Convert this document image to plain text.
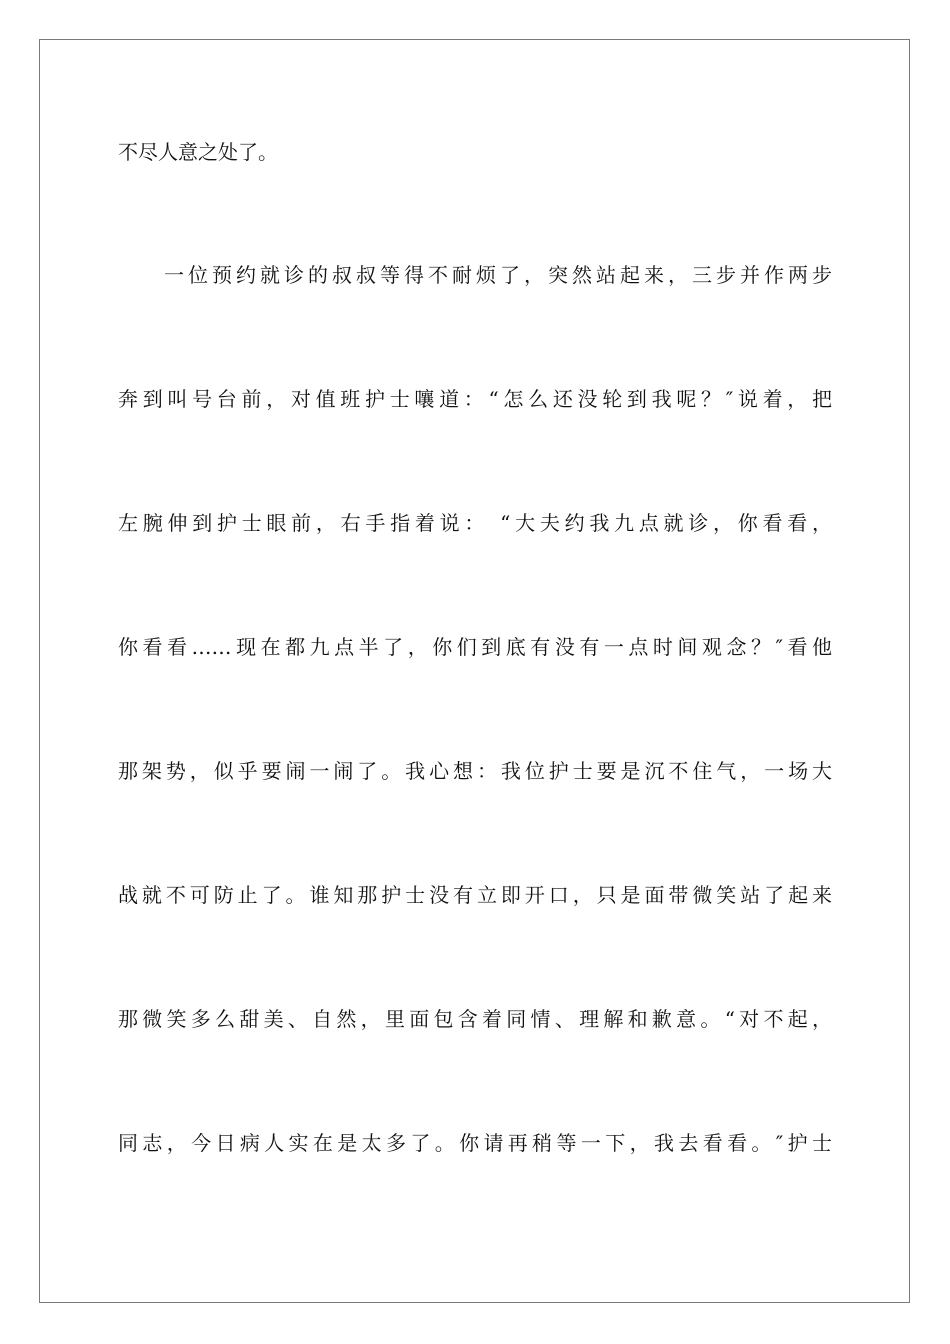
不尽人意之处了。
一位预约就诊的叔叔等得不耐烦了，突然站起来，三步并作两步
奔到叫号台前，对值班护士嚷道：“怎么还没轮到我呢？″说着，把
左腕伸到护士眼前，右手指着说： “大夫约我九点就诊，你看看，
你看看……现在都九点半了，你们到底有没有一点时间观念？″看他
那架势，似乎要闹一闹了。我心想：我位护士要是沉不住气，一场大
战就不可防止了。谁知那护士没有立即开口，只是面带微笑站了起来
那微笑多么甜美、自然，里面包含着同情、理解和歉意。“对不起，
同志，今日病人实在是太多了。你请再稍等一下，我去看看。″护士
